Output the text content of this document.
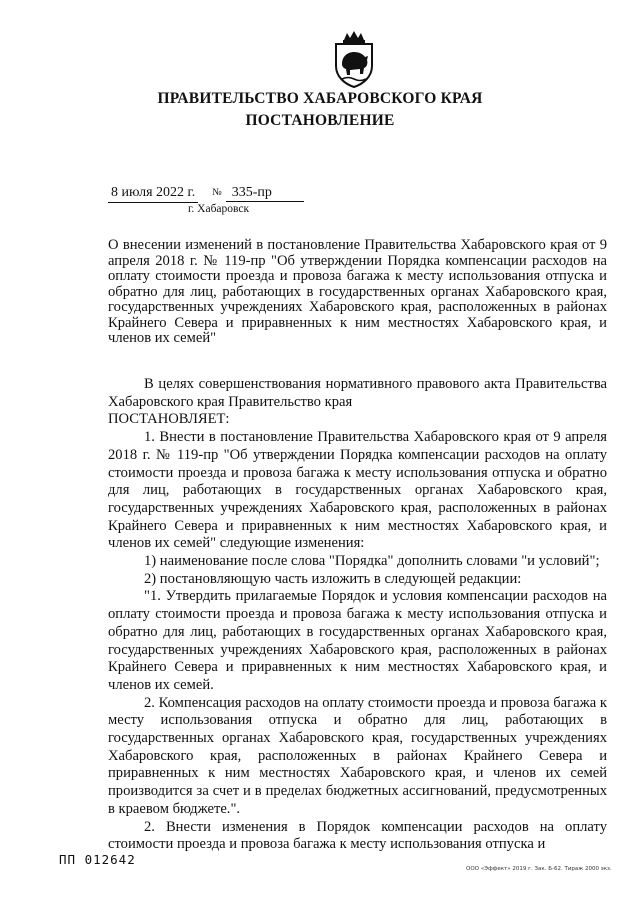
ПРАВИТЕЛЬСТВО ХАБАРОВСКОГО КРАЯ
ПОСТАНОВЛЕНИЕ
8 июля 2022 г. № 335-пр
г. Хабаровск
О внесении изменений в постановление Правительства Хабаровского края от 9 апреля 2018 г. № 119-пр "Об утверждении Порядка компенсации расходов на оплату стоимости проезда и провоза багажа к месту использования отпуска и обратно для лиц, работающих в государственных органах Хабаровского края, государственных учреждениях Хабаровского края, расположенных в районах Крайнего Севера и приравненных к ним местностях Хабаровского края, и членов их семей"

В целях совершенствования нормативного правового акта Правительства Хабаровского края Правительство края

ПОСТАНОВЛЯЕТ:

1. Внести в постановление Правительства Хабаровского края от 9 апреля 2018 г. № 119-пр "Об утверждении Порядка компенсации расходов на оплату стоимости проезда и провоза багажа к месту использования отпуска и обратно для лиц, работающих в государственных органах Хабаровского края, государственных учреждениях Хабаровского края, расположенных в районах Крайнего Севера и приравненных к ним местностях Хабаровского края, и членов их семей" следующие изменения:

1) наименование после слова "Порядка" дополнить словами "и условий";

2) постановляющую часть изложить в следующей редакции:

"1. Утвердить прилагаемые Порядок и условия компенсации расходов на оплату стоимости проезда и провоза багажа к месту использования отпуска и обратно для лиц, работающих в государственных органах Хабаровского края, государственных учреждениях Хабаровского края, расположенных в районах Крайнего Севера и приравненных к ним местностях Хабаровского края, и членов их семей.

2. Компенсация расходов на оплату стоимости проезда и провоза багажа к месту использования отпуска и обратно для лиц, работающих в государственных органах Хабаровского края, государственных учреждениях Хабаровского края, расположенных в районах Крайнего Севера и приравненных к ним местностях Хабаровского края, и членов их семей производится за счет и в пределах бюджетных ассигнований, предусмотренных в краевом бюджете.".

2. Внести изменения в Порядок компенсации расходов на оплату стоимости проезда и провоза багажа к месту использования отпуска и

ПП 012642
ООО «Эффект» 2019 г. Зак. Б-62. Тираж 2000 экз.
